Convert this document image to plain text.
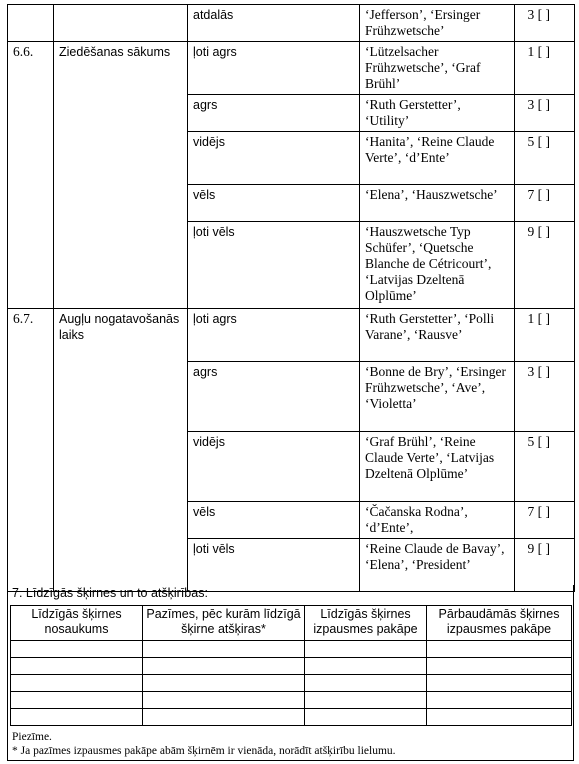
		atdalās	‘Jefferson’, ‘Ersinger Frühzwetsche’	3 [ ]
6.6.	Ziedēšanas sākums	ļoti agrs	‘Lützelsacher Frühzwetsche’, ‘Graf Brühl’	1 [ ]
		agrs	‘Ruth Gerstetter’, ‘Utility’	3 [ ]
		vidējs	‘Hanita’, ‘Reine Claude Verte’, ‘d’Ente’	5 [ ]
		vēls	‘Elena’, ‘Hauszwetsche’	7 [ ]
		ļoti vēls	‘Hauszwetsche Typ Schüfer’, ‘Quetsche Blanche de Cétricourt’, ‘Latvijas Dzeltenā Olplūme’	9 [ ]
6.7.	Augļu nogatavošanās laiks	ļoti agrs	‘Ruth Gerstetter’, ‘Polli Varane’, ‘Rausve’	1 [ ]
		agrs	‘Bonne de Bry’, ‘Ersinger Frühzwetsche’, ‘Ave’, ‘Violetta’	3 [ ]
		vidējs	‘Graf Brühl’, ‘Reine Claude Verte’, ‘Latvijas Dzeltenā Olplūme’	5 [ ]
		vēls	‘Čačanska Rodna’, ‘d’Ente’,	7 [ ]
		ļoti vēls	‘Reine Claude de Bavay’, ‘Elena’, ‘President’	9 [ ]
7. Līdzīgās šķirnes un to atšķirības:
Līdzīgās šķirnes nosaukums	Pazīmes, pēc kurām līdzīgā šķirne atšķiras*	Līdzīgās šķirnes izpausmes pakāpe	Pārbaudāmās šķirnes izpausmes pakāpe

Piezīme.
* Ja pazīmes izpausmes pakāpe abām šķirnēm ir vienāda, norādīt atšķirību lielumu.
